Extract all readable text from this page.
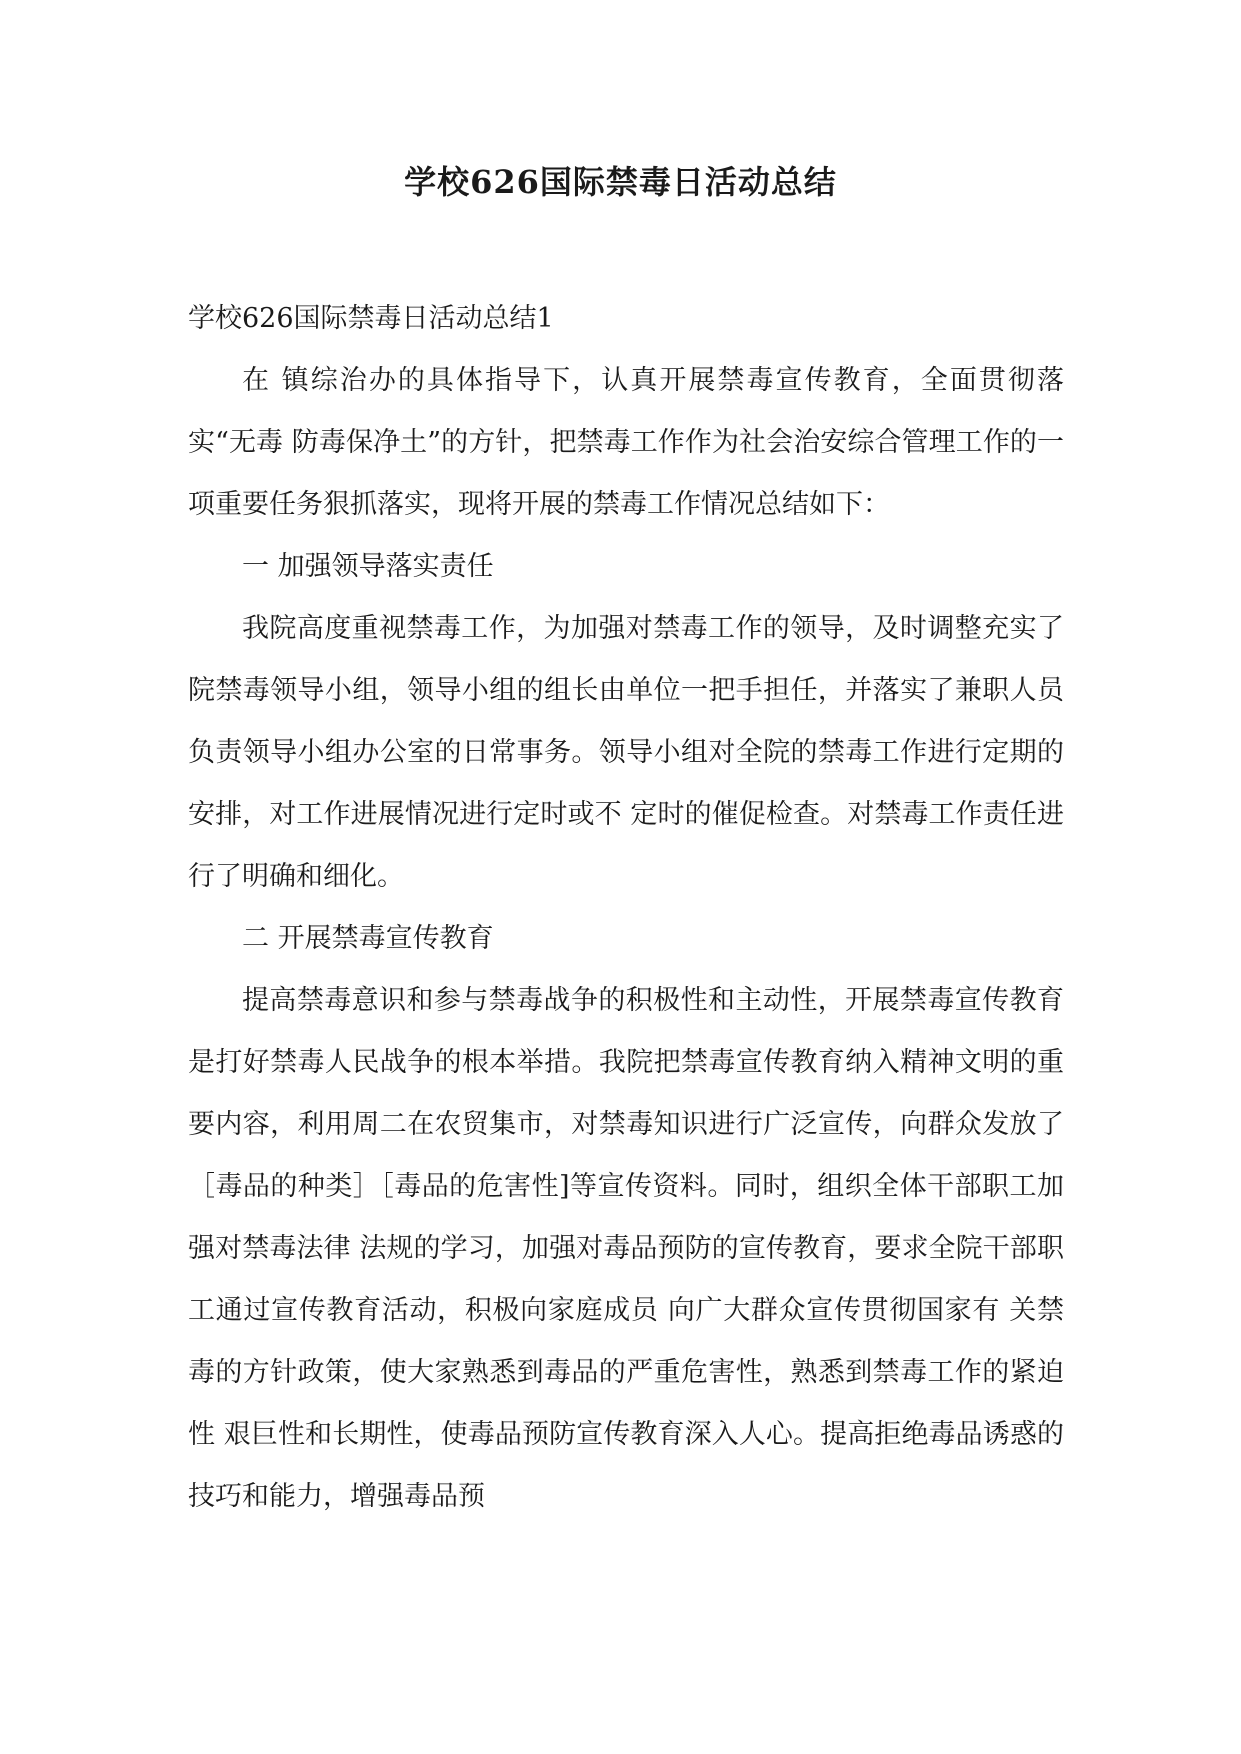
学校626国际禁毒日活动总结

学校626国际禁毒日活动总结1

在 镇综治办的具体指导下，认真开展禁毒宣传教育，全面贯彻落实“无毒 防毒保净土”的方针，把禁毒工作作为社会治安综合管理工作的一项重要任务狠抓落实，现将开展的禁毒工作情况总结如下：

一 加强领导落实责任

我院高度重视禁毒工作，为加强对禁毒工作的领导，及时调整充实了 院禁毒领导小组，领导小组的组长由单位一把手担任，并落实了兼职人员负责领导小组办公室的日常事务。领导小组对全院的禁毒工作进行定期的安排，对工作进展情况进行定时或不 定时的催促检查。对禁毒工作责任进行了明确和细化。

二 开展禁毒宣传教育

提高禁毒意识和参与禁毒战争的积极性和主动性，开展禁毒宣传教育是打好禁毒人民战争的根本举措。我院把禁毒宣传教育纳入精神文明的重要内容，利用周二在农贸集市，对禁毒知识进行广泛宣传，向群众发放了［毒品的种类］［毒品的危害性]等宣传资料。同时，组织全体干部职工加强对禁毒法律 法规的学习，加强对毒品预防的宣传教育，要求全院干部职工通过宣传教育活动，积极向家庭成员 向广大群众宣传贯彻国家有 关禁毒的方针政策，使大家熟悉到毒品的严重危害性，熟悉到禁毒工作的紧迫性 艰巨性和长期性，使毒品预防宣传教育深入人心。提高拒绝毒品诱惑的技巧和能力，增强毒品预
